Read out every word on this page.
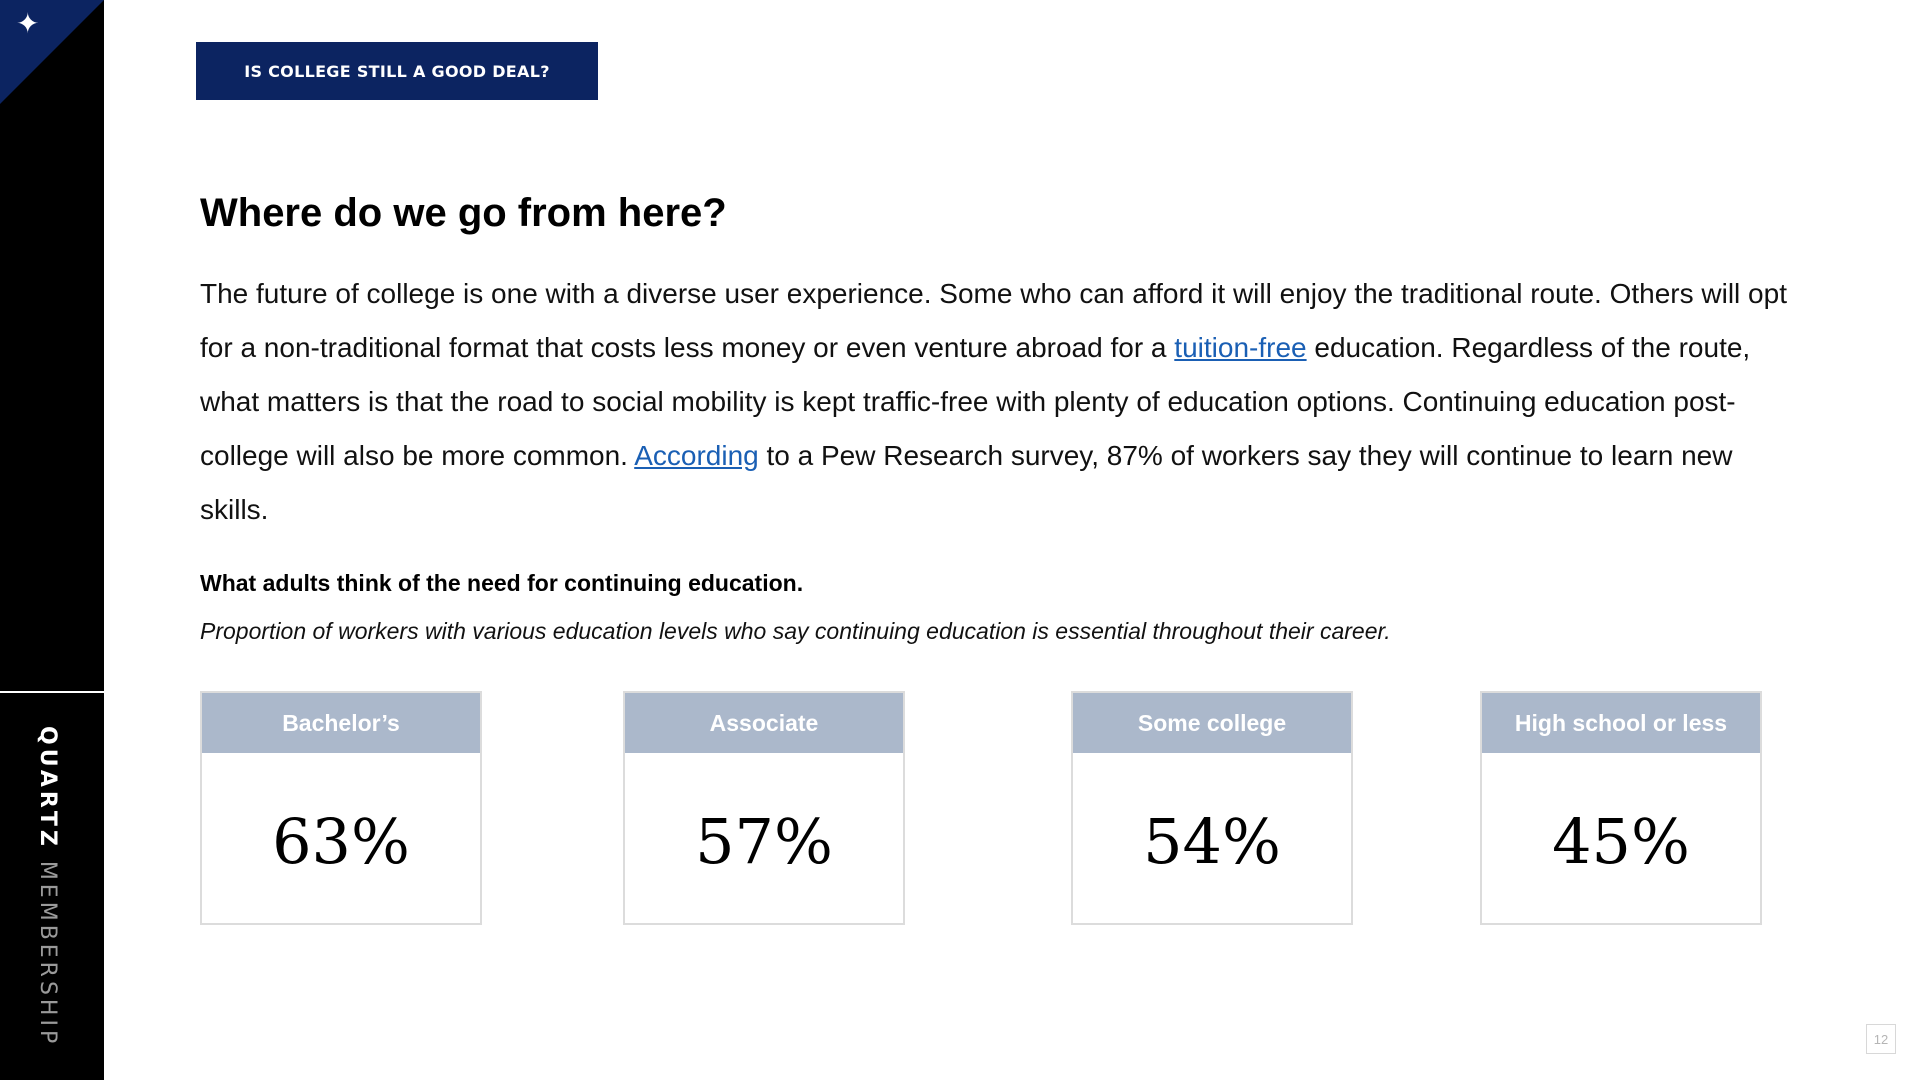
✦
QUARTZ MEMBERSHIP
IS COLLEGE STILL A GOOD DEAL?
Where do we go from here?

The future of college is one with a diverse user experience. Some who can afford it will enjoy the traditional route. Others will opt for a non-traditional format that costs less money or even venture abroad for a tuition-free education. Regardless of the route, what matters is that the road to social mobility is kept traffic-free with plenty of education options. Continuing education post-college will also be more common. According to a Pew Research survey, 87% of workers say they will continue to learn new skills.

What adults think of the need for continuing education.

Proportion of workers with various education levels who say continuing education is essential throughout their career.

Bachelor’s
63%
Associate
57%
Some college
54%
High school or less
45%
12
